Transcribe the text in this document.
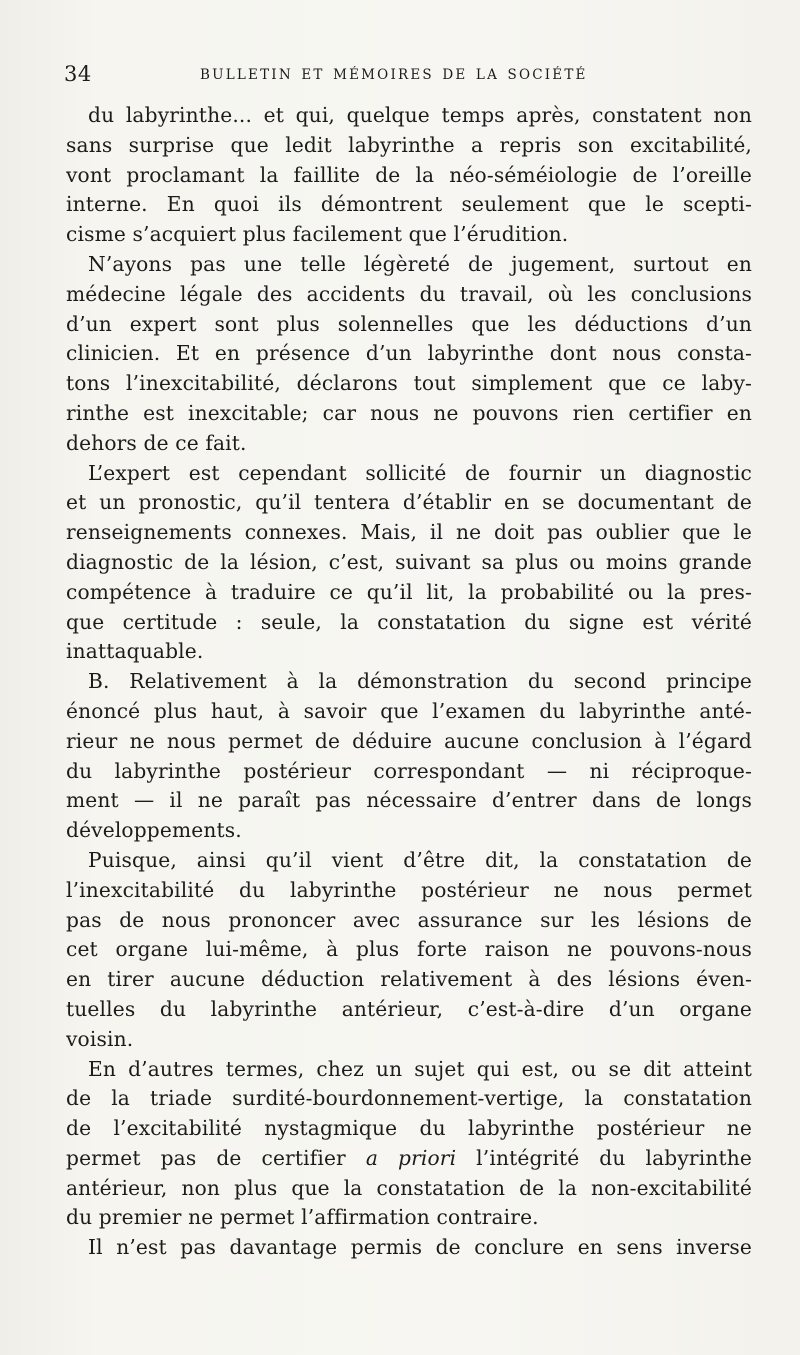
34	BULLETIN ET MÉMOIRES DE LA SOCIÉTÉ
du labyrinthe... et qui, quelque temps après, constatent non
sans surprise que ledit labyrinthe a repris son excitabilité,
vont proclamant la faillite de la néo-séméiologie de l’oreille
interne. En quoi ils démontrent seulement que le scepti-
cisme s’acquiert plus facilement que l’érudition.
N’ayons pas une telle légèreté de jugement, surtout en
médecine légale des accidents du travail, où les conclusions
d’un expert sont plus solennelles que les déductions d’un
clinicien. Et en présence d’un labyrinthe dont nous consta-
tons l’inexcitabilité, déclarons tout simplement que ce laby-
rinthe est inexcitable; car nous ne pouvons rien certifier en
dehors de ce fait.
L’expert est cependant sollicité de fournir un diagnostic
et un pronostic, qu’il tentera d’établir en se documentant de
renseignements connexes. Mais, il ne doit pas oublier que le
diagnostic de la lésion, c’est, suivant sa plus ou moins grande
compétence à traduire ce qu’il lit, la probabilité ou la pres-
que certitude : seule, la constatation du signe est vérité
inattaquable.
B. Relativement à la démonstration du second principe
énoncé plus haut, à savoir que l’examen du labyrinthe anté-
rieur ne nous permet de déduire aucune conclusion à l’égard
du labyrinthe postérieur correspondant — ni réciproque-
ment — il ne paraît pas nécessaire d’entrer dans de longs
développements.
Puisque, ainsi qu’il vient d’être dit, la constatation de
l’inexcitabilité du labyrinthe postérieur ne nous permet
pas de nous prononcer avec assurance sur les lésions de
cet organe lui-même, à plus forte raison ne pouvons-nous
en tirer aucune déduction relativement à des lésions éven-
tuelles du labyrinthe antérieur, c’est-à-dire d’un organe
voisin.
En d’autres termes, chez un sujet qui est, ou se dit atteint
de la triade surdité-bourdonnement-vertige, la constatation
de l’excitabilité nystagmique du labyrinthe postérieur ne
permet pas de certifier a priori l’intégrité du labyrinthe
antérieur, non plus que la constatation de la non-excitabilité
du premier ne permet l’affirmation contraire.
Il n’est pas davantage permis de conclure en sens inverse
